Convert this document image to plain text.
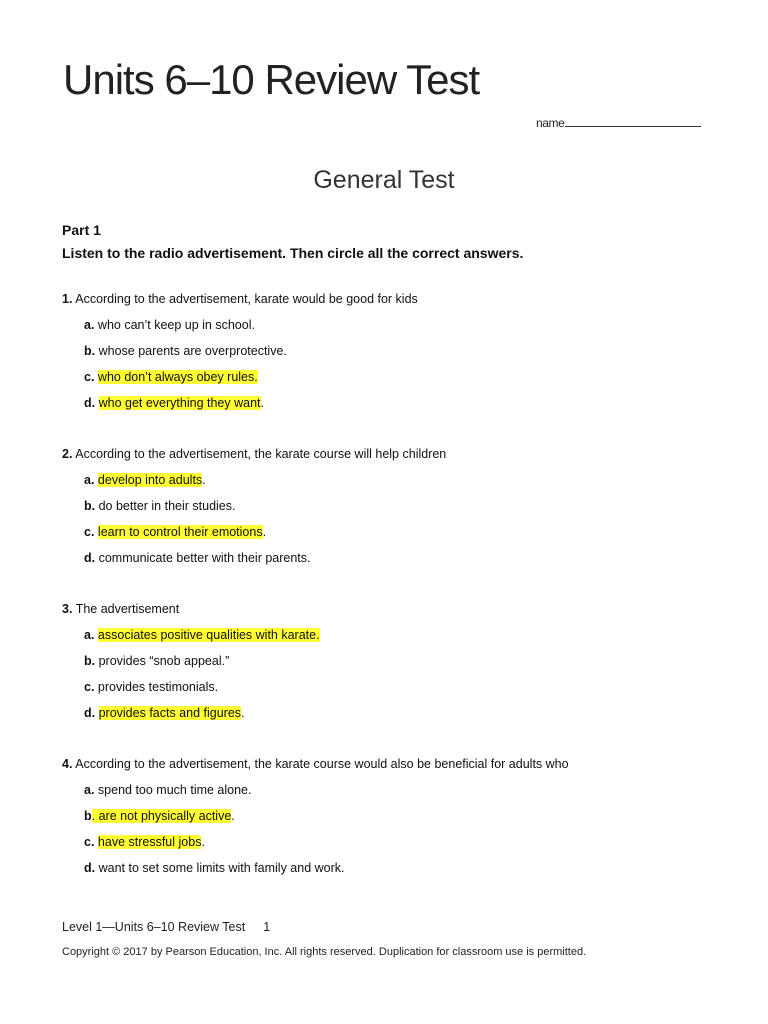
Units 6–10 Review Test
name
General Test

Part 1

Listen to the radio advertisement. Then circle all the correct answers.

1. According to the advertisement, karate would be good for kids

a. who can’t keep up in school.

b. whose parents are overprotective.

c. who don’t always obey rules.

d. who get everything they want.

2. According to the advertisement, the karate course will help children

a. develop into adults.

b. do better in their studies.

c. learn to control their emotions.

d. communicate better with their parents.

3. The advertisement

a. associates positive qualities with karate.

b. provides “snob appeal.”

c. provides testimonials.

d. provides facts and figures.

4. According to the advertisement, the karate course would also be beneficial for adults who

a. spend too much time alone.

b. are not physically active.

c. have stressful jobs.

d. want to set some limits with family and work.

Level 1—Units 6–10 Review Test 1
Copyright © 2017 by Pearson Education, Inc. All rights reserved. Duplication for classroom use is permitted.
